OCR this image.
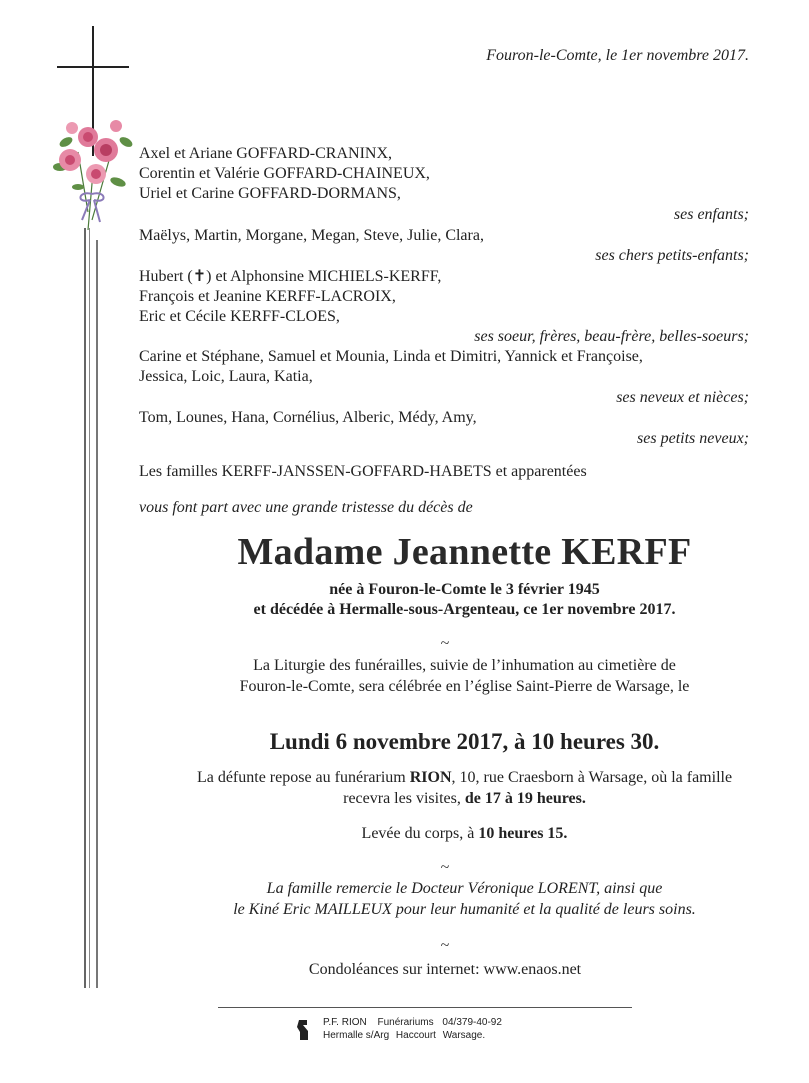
Fouron-le-Comte, le 1er novembre 2017.
Axel et Ariane GOFFARD-CRANINX,
Corentin et Valérie GOFFARD-CHAINEUX,
Uriel et Carine GOFFARD-DORMANS,
ses enfants;
Maëlys, Martin, Morgane, Megan, Steve, Julie, Clara,
ses chers petits-enfants;
Hubert (✝) et Alphonsine MICHIELS-KERFF,
François et Jeanine KERFF-LACROIX,
Eric et Cécile KERFF-CLOES,
ses soeur, frères, beau-frère, belles-soeurs;
Carine et Stéphane, Samuel et Mounia, Linda et Dimitri, Yannick et Françoise,
Jessica, Loic, Laura, Katia,
ses neveux et nièces;
Tom, Lounes, Hana, Cornélius, Alberic, Médy, Amy,
ses petits neveux;
Les familles KERFF-JANSSEN-GOFFARD-HABETS et apparentées
vous font part avec une grande tristesse du décès de
Madame Jeannette KERFF
née à Fouron-le-Comte le 3 février 1945
et décédée à Hermalle-sous-Argenteau, ce 1er novembre 2017.
~
La Liturgie des funérailles, suivie de l’inhumation au cimetière de
Fouron-le-Comte, sera célébrée en l’église Saint-Pierre de Warsage, le
Lundi 6 novembre 2017, à 10 heures 30.
La défunte repose au funérarium RION, 10, rue Craesborn à Warsage, où la famille
recevra les visites, de 17 à 19 heures.
Levée du corps, à 10 heures 15.
~
La famille remercie le Docteur Véronique LORENT, ainsi que
le Kiné Eric MAILLEUX pour leur humanité et la qualité de leurs soins.
~
Condoléances sur internet: www.enaos.net
P.F. RION Funérariums 04/379-40-92
Hermalle s/Arg Haccourt Warsage.
